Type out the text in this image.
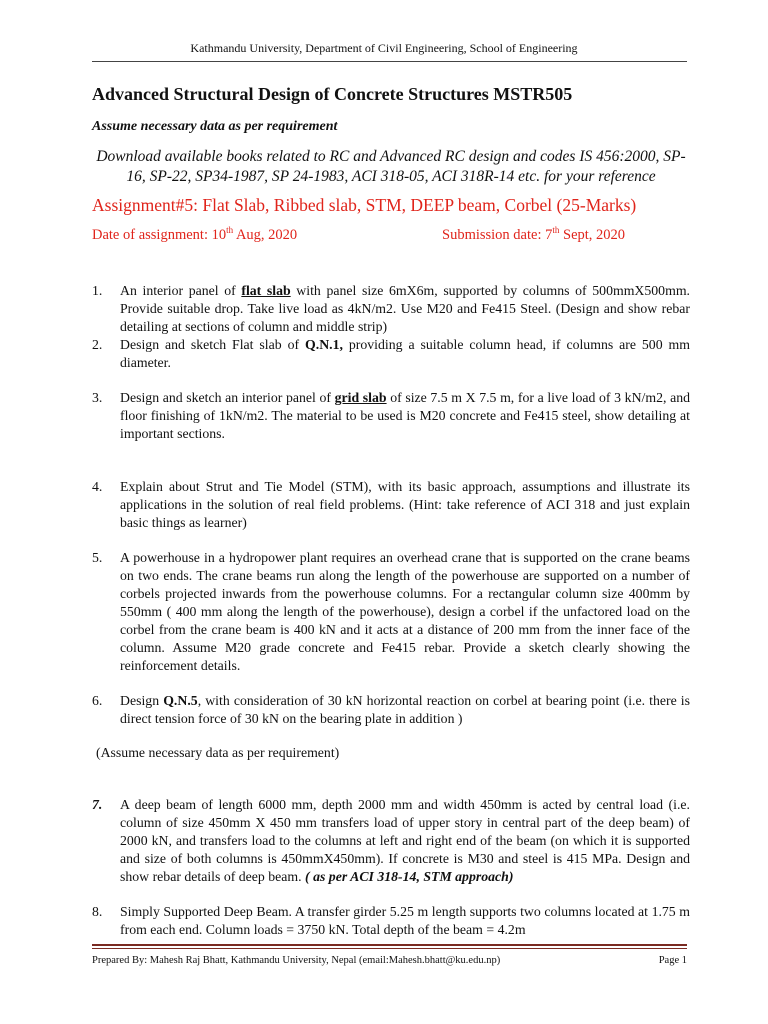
Kathmandu University, Department of Civil Engineering, School of Engineering
Advanced Structural Design of Concrete Structures MSTR505
Assume necessary data as per requirement
Download available books related to RC and Advanced RC design and codes IS 456:2000, SP-16, SP-22, SP34-1987, SP 24-1983, ACI 318-05, ACI 318R-14 etc. for your reference
Assignment#5: Flat Slab, Ribbed slab, STM, DEEP beam, Corbel (25-Marks)
Date of assignment: 10th Aug, 2020	Submission date: 7th Sept, 2020
1. An interior panel of flat slab with panel size 6mX6m, supported by columns of 500mmX500mm. Provide suitable drop. Take live load as 4kN/m2. Use M20 and Fe415 Steel. (Design and show rebar detailing at sections of column and middle strip)
2. Design and sketch Flat slab of Q.N.1, providing a suitable column head, if columns are 500 mm diameter.
3. Design and sketch an interior panel of grid slab of size 7.5 m X 7.5 m, for a live load of 3 kN/m2, and floor finishing of 1kN/m2. The material to be used is M20 concrete and Fe415 steel, show detailing at important sections.
4. Explain about Strut and Tie Model (STM), with its basic approach, assumptions and illustrate its applications in the solution of real field problems. (Hint: take reference of ACI 318 and just explain basic things as learner)
5. A powerhouse in a hydropower plant requires an overhead crane that is supported on the crane beams on two ends. The crane beams run along the length of the powerhouse are supported on a number of corbels projected inwards from the powerhouse columns. For a rectangular column size 400mm by 550mm ( 400 mm along the length of the powerhouse), design a corbel if the unfactored load on the corbel from the crane beam is 400 kN and it acts at a distance of 200 mm from the inner face of the column. Assume M20 grade concrete and Fe415 rebar. Provide a sketch clearly showing the reinforcement details.
6. Design Q.N.5, with consideration of 30 kN horizontal reaction on corbel at bearing point (i.e. there is direct tension force of 30 kN on the bearing plate in addition )
(Assume necessary data as per requirement)
7. A deep beam of length 6000 mm, depth 2000 mm and width 450mm is acted by central load (i.e. column of size 450mm X 450 mm transfers load of upper story in central part of the deep beam) of 2000 kN, and transfers load to the columns at left and right end of the beam (on which it is supported and size of both columns is 450mmX450mm). If concrete is M30 and steel is 415 MPa. Design and show rebar details of deep beam. ( as per ACI 318-14, STM approach)
8. Simply Supported Deep Beam. A transfer girder 5.25 m length supports two columns located at 1.75 m from each end. Column loads = 3750 kN. Total depth of the beam = 4.2m
Prepared By: Mahesh Raj Bhatt, Kathmandu University, Nepal (email:Mahesh.bhatt@ku.edu.np)	Page 1
